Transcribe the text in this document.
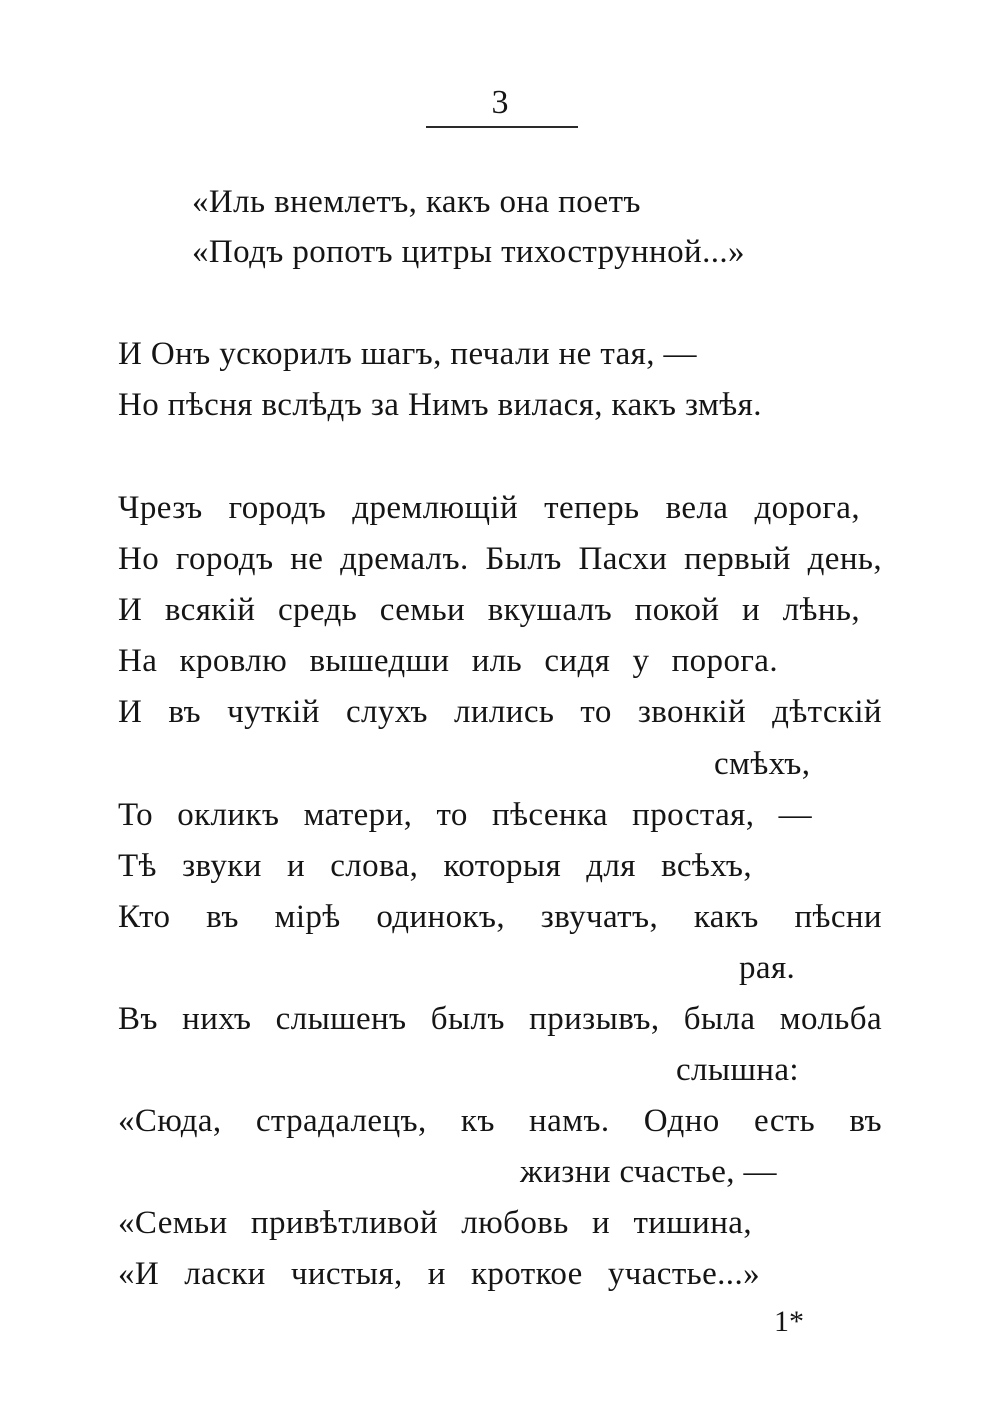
3
«Иль внемлетъ, какъ она поетъ
«Подъ ропотъ цитры тихострунной...»
И Онъ ускорилъ шагъ, печали не тая, —
Но пѣсня вслѣдъ за Нимъ вилася, какъ змѣя.
Чрезъ городъ дремлющій теперь вела дорога,
Но городъ не дремалъ. Былъ Пасхи первый день,
И всякій средь семьи вкушалъ покой и лѣнь,
На кровлю вышедши иль сидя у порога.
И въ чуткій слухъ лились то звонкій дѣтскій
смѣхъ,
То окликъ матери, то пѣсенка простая, —
Тѣ звуки и слова, которыя для всѣхъ,
Кто въ мірѣ одинокъ, звучатъ, какъ пѣсни
рая.
Въ нихъ слышенъ былъ призывъ, была мольба
слышна:
«Сюда, страдалецъ, къ намъ. Одно есть въ
жизни счастье, —
«Семьи привѣтливой любовь и тишина,
«И ласки чистыя, и кроткое участье...»
1*
